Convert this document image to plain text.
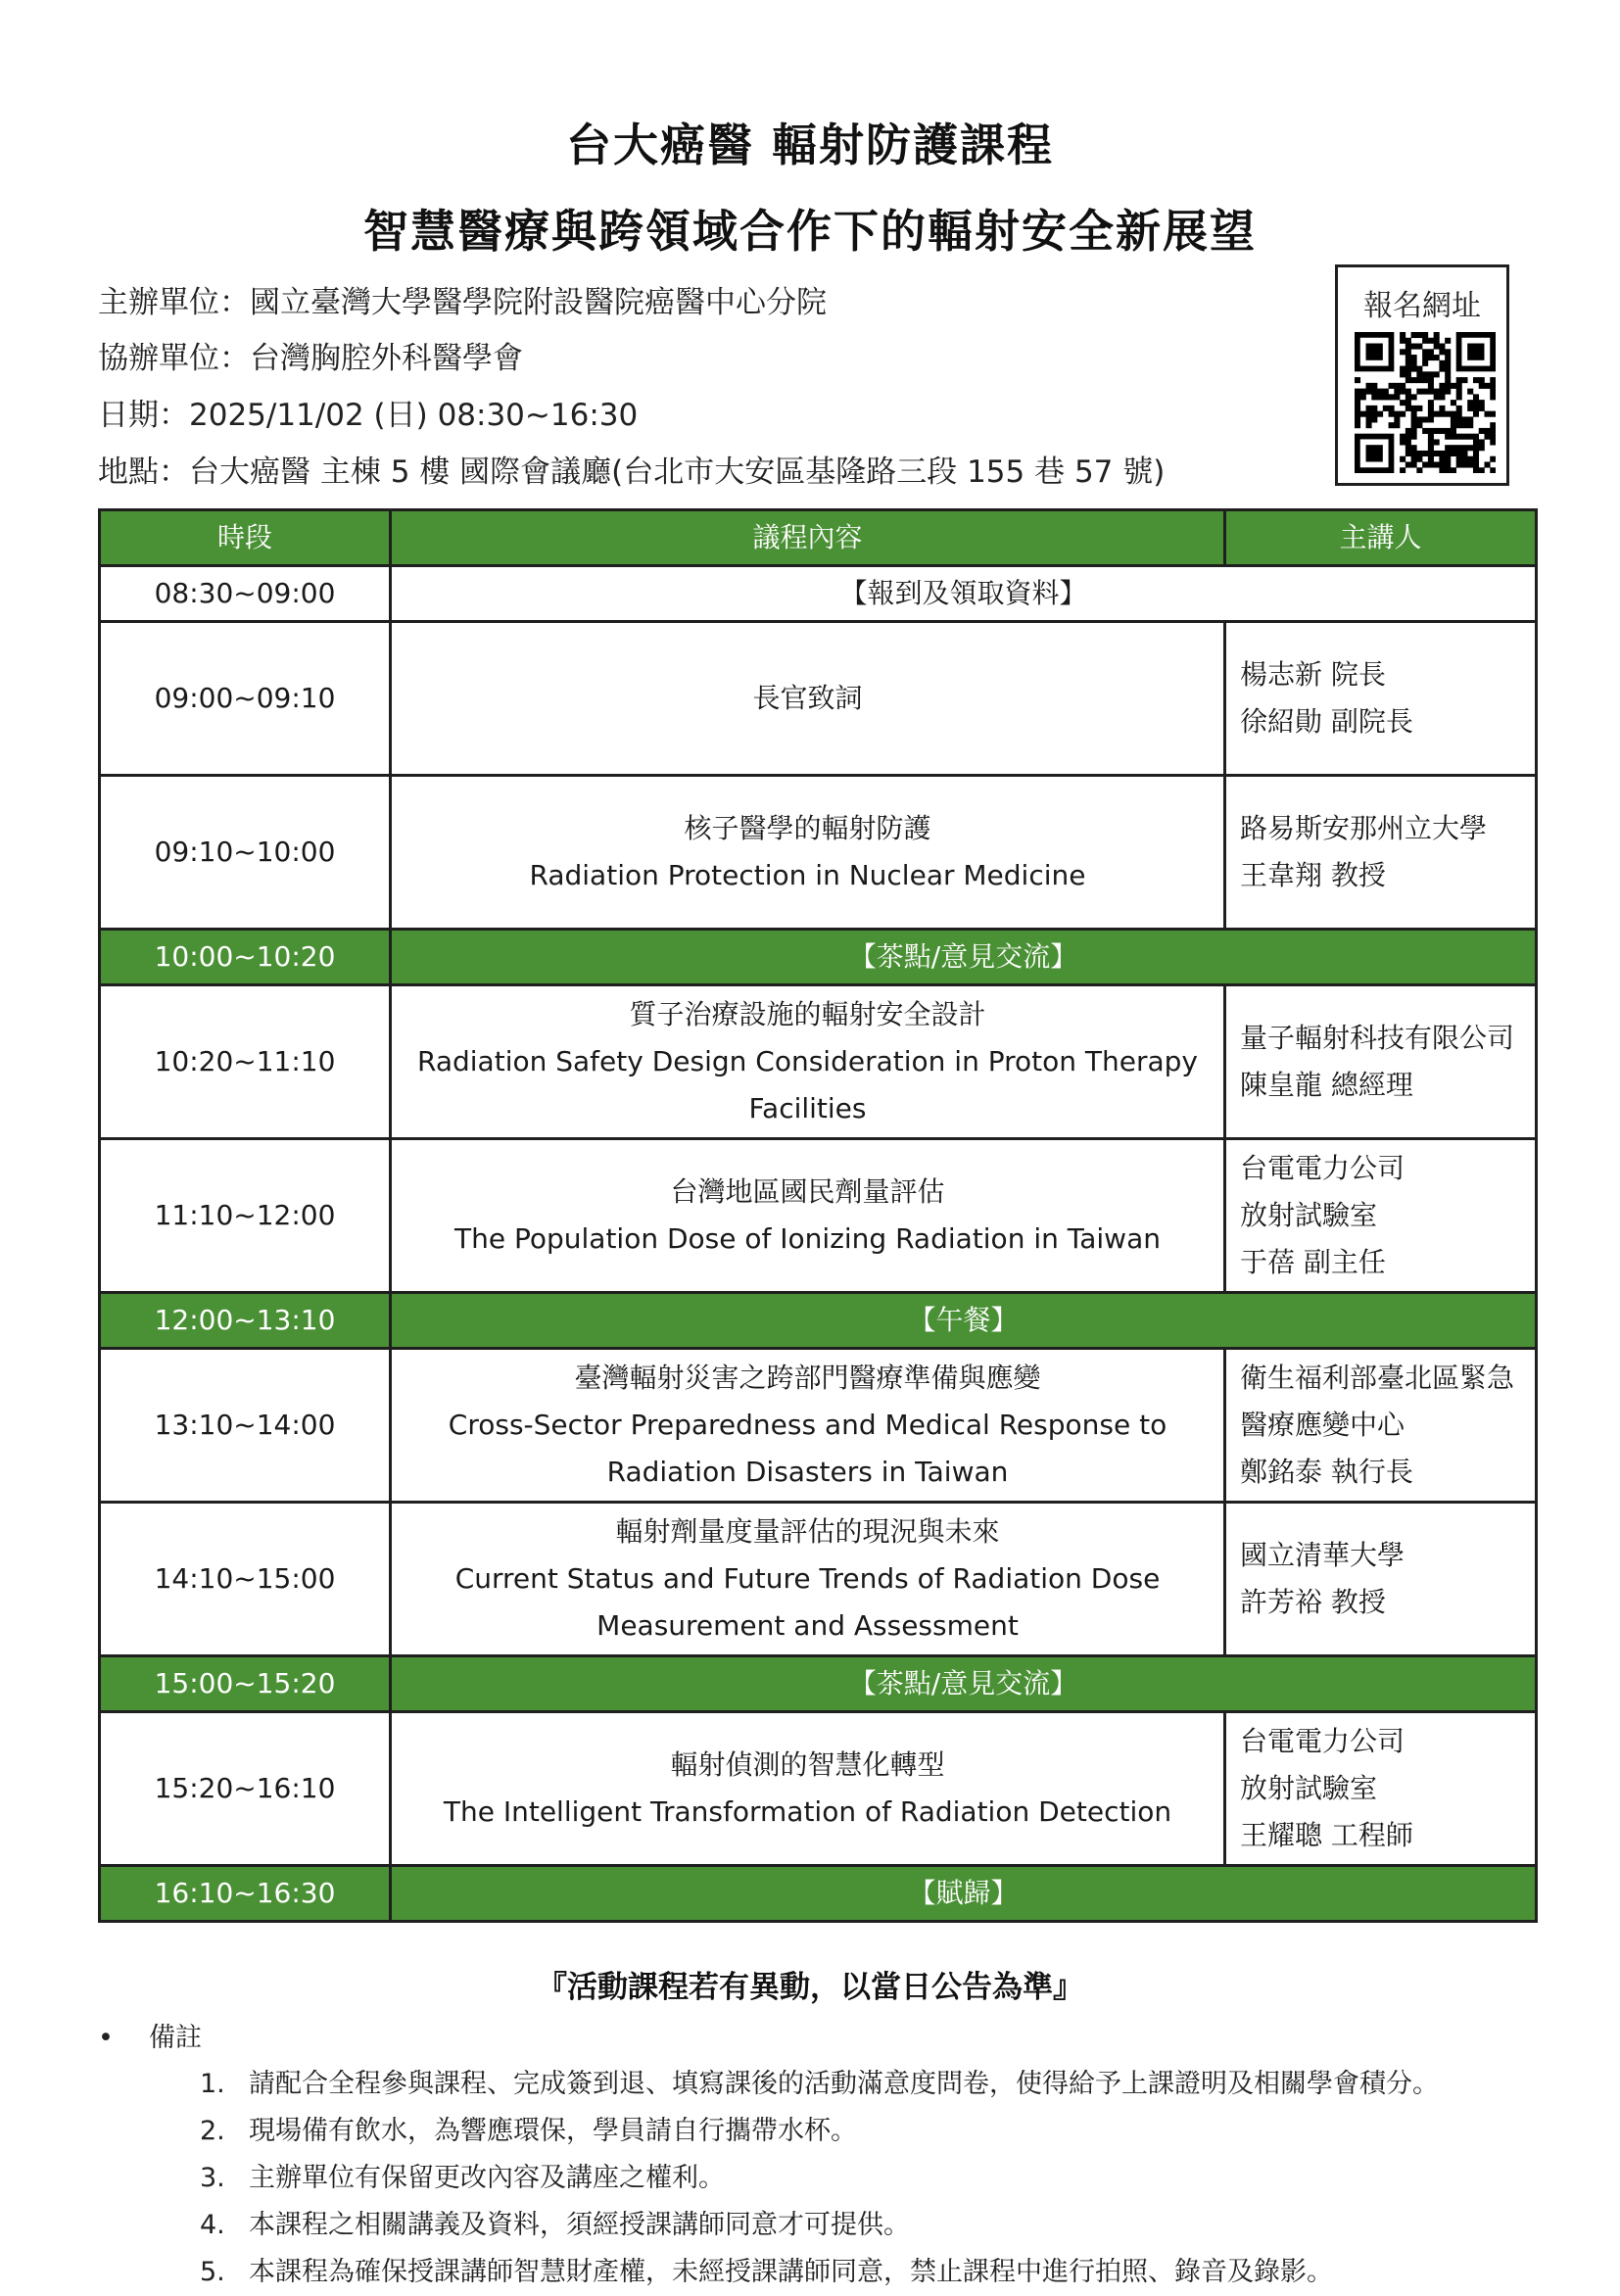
台大癌醫 輻射防護課程
智慧醫療與跨領域合作下的輻射安全新展望
主辦單位：國立臺灣大學醫學院附設醫院癌醫中心分院
協辦單位：台灣胸腔外科醫學會
日期：2025/11/02 (日) 08:30~16:30
地點：台大癌醫 主棟 5 樓 國際會議廳(台北市大安區基隆路三段 155 巷 57 號)
報名網址
時段	議程內容	主講人
08:30~09:00	【報到及領取資料】	
09:00~09:10	長官致詞	楊志新 院長
徐紹勛 副院長

09:10~10:00	核子醫學的輻射防護
Radiation Protection in Nuclear Medicine	路易斯安那州立大學
王韋翔 教授

10:00~10:20	【茶點/意見交流】	
10:20~11:10	質子治療設施的輻射安全設計
Radiation Safety Design Consideration in Proton Therapy
Facilities	量子輻射科技有限公司
陳皇龍 總經理

11:10~12:00	台灣地區國民劑量評估
The Population Dose of Ionizing Radiation in Taiwan	台電電力公司
放射試驗室
于蓓 副主任

12:00~13:10	【午餐】	
13:10~14:00	臺灣輻射災害之跨部門醫療準備與應變
Cross-Sector Preparedness and Medical Response to
Radiation Disasters in Taiwan	衛生福利部臺北區緊急
醫療應變中心
鄭銘泰 執行長

14:10~15:00	輻射劑量度量評估的現況與未來
Current Status and Future Trends of Radiation Dose
Measurement and Assessment	國立清華大學
許芳裕 教授

15:00~15:20	【茶點/意見交流】	
15:20~16:10	輻射偵測的智慧化轉型
The Intelligent Transformation of Radiation Detection	台電電力公司
放射試驗室
王耀聰 工程師

16:10~16:30	【賦歸】	
『活動課程若有異動，以當日公告為準』
• 備註
1. 請配合全程參與課程、完成簽到退、填寫課後的活動滿意度問卷，使得給予上課證明及相關學會積分。
2. 現場備有飲水，為響應環保，學員請自行攜帶水杯。
3. 主辦單位有保留更改內容及講座之權利。
4. 本課程之相關講義及資料，須經授課講師同意才可提供。
5. 本課程為確保授課講師智慧財產權，未經授課講師同意，禁止課程中進行拍照、錄音及錄影。
